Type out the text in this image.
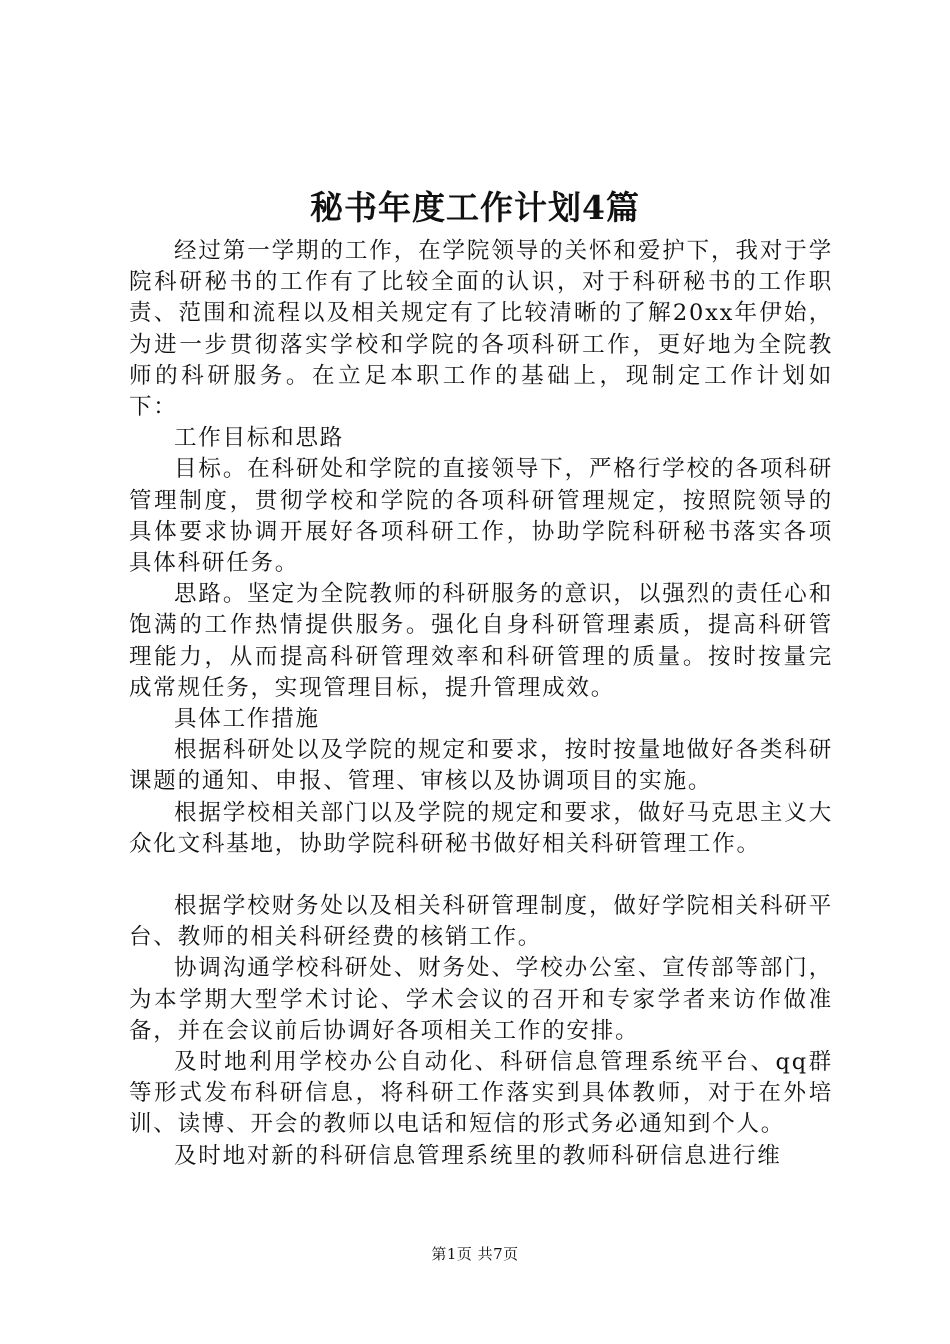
秘书年度工作计划4篇

经过第一学期的工作，在学院领导的关怀和爱护下，我对于学院科研秘书的工作有了比较全面的认识，对于科研秘书的工作职责、范围和流程以及相关规定有了比较清晰的了解20xx年伊始，为进一步贯彻落实学校和学院的各项科研工作，更好地为全院教师的科研服务。在立足本职工作的基础上，现制定工作计划如下：

工作目标和思路

目标。在科研处和学院的直接领导下，严格行学校的各项科研管理制度，贯彻学校和学院的各项科研管理规定，按照院领导的具体要求协调开展好各项科研工作，协助学院科研秘书落实各项具体科研任务。

思路。坚定为全院教师的科研服务的意识，以强烈的责任心和饱满的工作热情提供服务。强化自身科研管理素质，提高科研管理能力，从而提高科研管理效率和科研管理的质量。按时按量完成常规任务，实现管理目标，提升管理成效。

具体工作措施

根据科研处以及学院的规定和要求，按时按量地做好各类科研课题的通知、申报、管理、审核以及协调项目的实施。

根据学校相关部门以及学院的规定和要求，做好马克思主义大众化文科基地，协助学院科研秘书做好相关科研管理工作。

根据学校财务处以及相关科研管理制度，做好学院相关科研平台、教师的相关科研经费的核销工作。

协调沟通学校科研处、财务处、学校办公室、宣传部等部门，为本学期大型学术讨论、学术会议的召开和专家学者来访作做准备，并在会议前后协调好各项相关工作的安排。

及时地利用学校办公自动化、科研信息管理系统平台、qq群等形式发布科研信息，将科研工作落实到具体教师，对于在外培训、读博、开会的教师以电话和短信的形式务必通知到个人。

及时地对新的科研信息管理系统里的教师科研信息进行维

第1页 共7页
